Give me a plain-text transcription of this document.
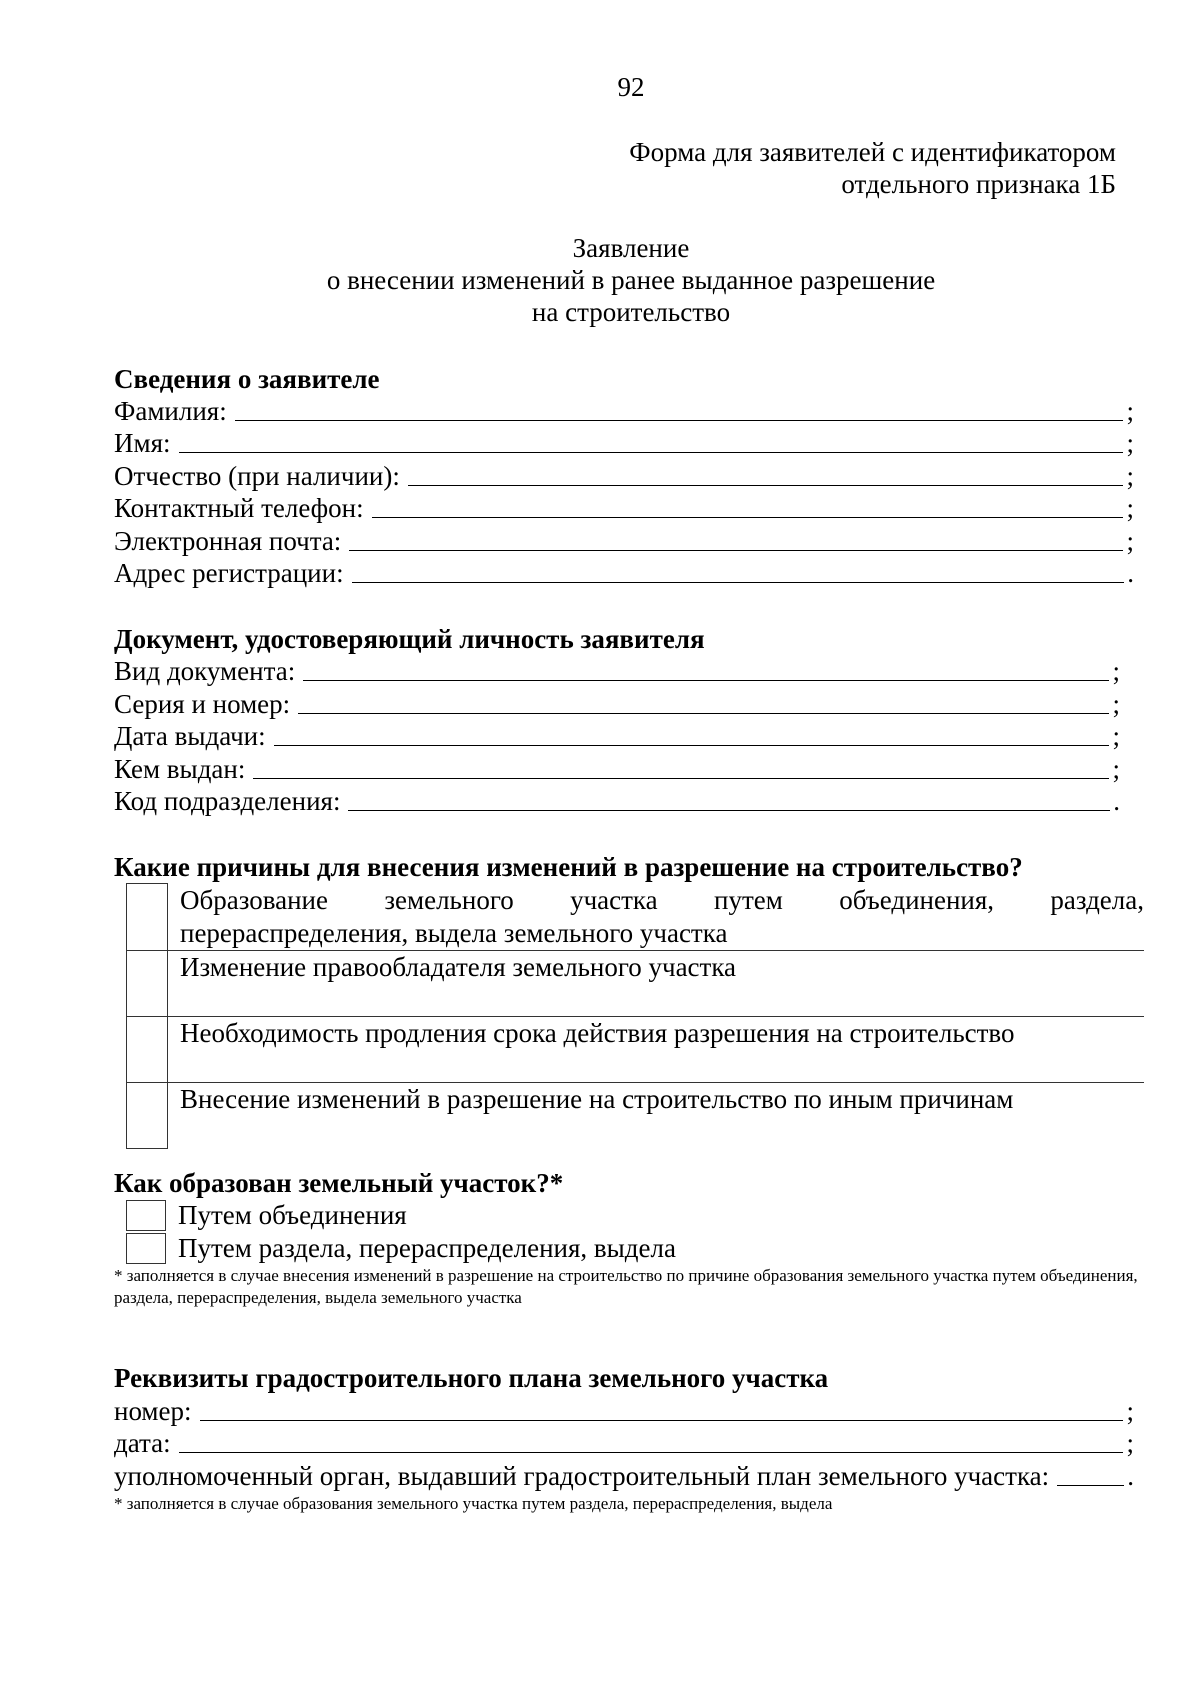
92
Форма для заявителей с идентификатором
отдельного признака 1Б
Заявление
о внесении изменений в ранее выданное разрешение
на строительство
Сведения о заявителе
Фамилия:	;
Имя:	;
Отчество (при наличии):	;
Контактный телефон:	;
Электронная почта:	;
Адрес регистрации:	.
Документ, удостоверяющий личность заявителя
Вид документа:	;
Серия и номер:	;
Дата выдачи:	;
Кем выдан:	;
Код подразделения:	.
Какие причины для внесения изменений в разрешение на строительство?

	Образование земельного участка путем объединения, раздела,
перераспределения, выдела земельного участка
	Изменение правообладателя земельного участка
	Необходимость продления срока действия разрешения на строительство
	Внесение изменений в разрешение на строительство по иным причинам
Как образован земельный участок?*
Путем объединения
Путем раздела, перераспределения, выдела
* заполняется в случае внесения изменений в разрешение на строительство по причине образования земельного участка путем объединения, раздела, перераспределения, выдела земельного участка
Реквизиты градостроительного плана земельного участка
номер:	;
дата:	;
уполномоченный орган, выдавший градостроительный план земельного участка:	.
* заполняется в случае образования земельного участка путем раздела, перераспределения, выдела
